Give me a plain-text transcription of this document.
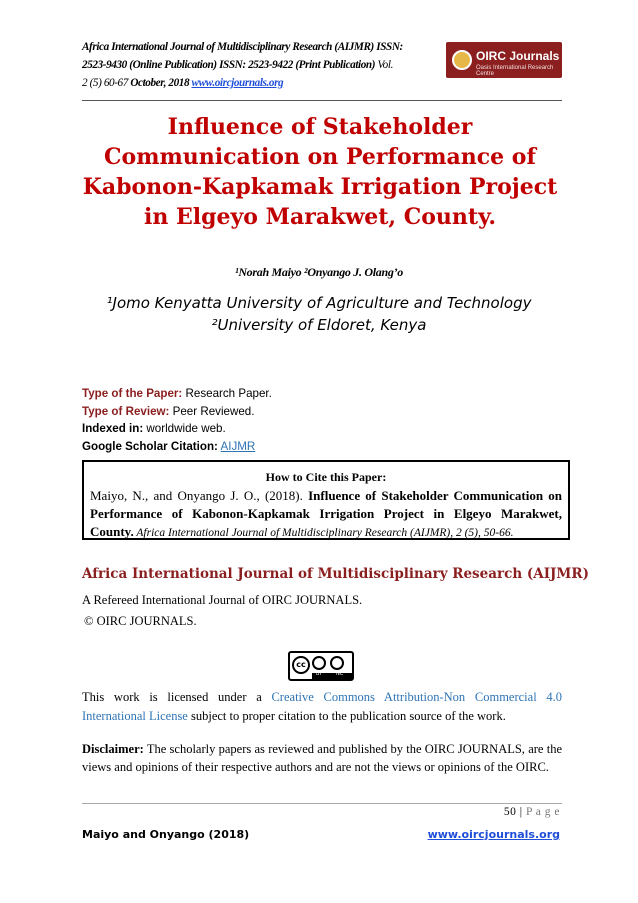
Africa International Journal of Multidisciplinary Research (AIJMR) ISSN:
2523-9430 (Online Publication) ISSN: 2523-9422 (Print Publication) Vol.
2 (5) 60-67 October, 2018 www.oircjournals.org
OIRC Journals
Oasis International Research Centre
Influence of Stakeholder Communication on Performance of Kabonon-Kapkamak Irrigation Project in Elgeyo Marakwet, County.
¹Norah Maiyo ²Onyango J. Olang’o
¹Jomo Kenyatta University of Agriculture and Technology
²University of Eldoret, Kenya
Type of the Paper: Research Paper.
Type of Review: Peer Reviewed.
Indexed in: worldwide web.
Google Scholar Citation: AIJMR
How to Cite this Paper:
Maiyo, N., and Onyango J. O., (2018). Influence of Stakeholder Communication on Performance of Kabonon-Kapkamak Irrigation Project in Elgeyo Marakwet, County. Africa International Journal of Multidisciplinary Research (AIJMR), 2 (5), 50-66.
Africa International Journal of Multidisciplinary Research (AIJMR)
A Refereed International Journal of OIRC JOURNALS.
© OIRC JOURNALS.
cc
BY	NC
This work is licensed under a Creative Commons Attribution-Non Commercial 4.0 International License subject to proper citation to the publication source of the work.
Disclaimer: The scholarly papers as reviewed and published by the OIRC JOURNALS, are the views and opinions of their respective authors and are not the views or opinions of the OIRC.
50 | P a g e
Maiyo and Onyango (2018)	www.oircjournals.org
